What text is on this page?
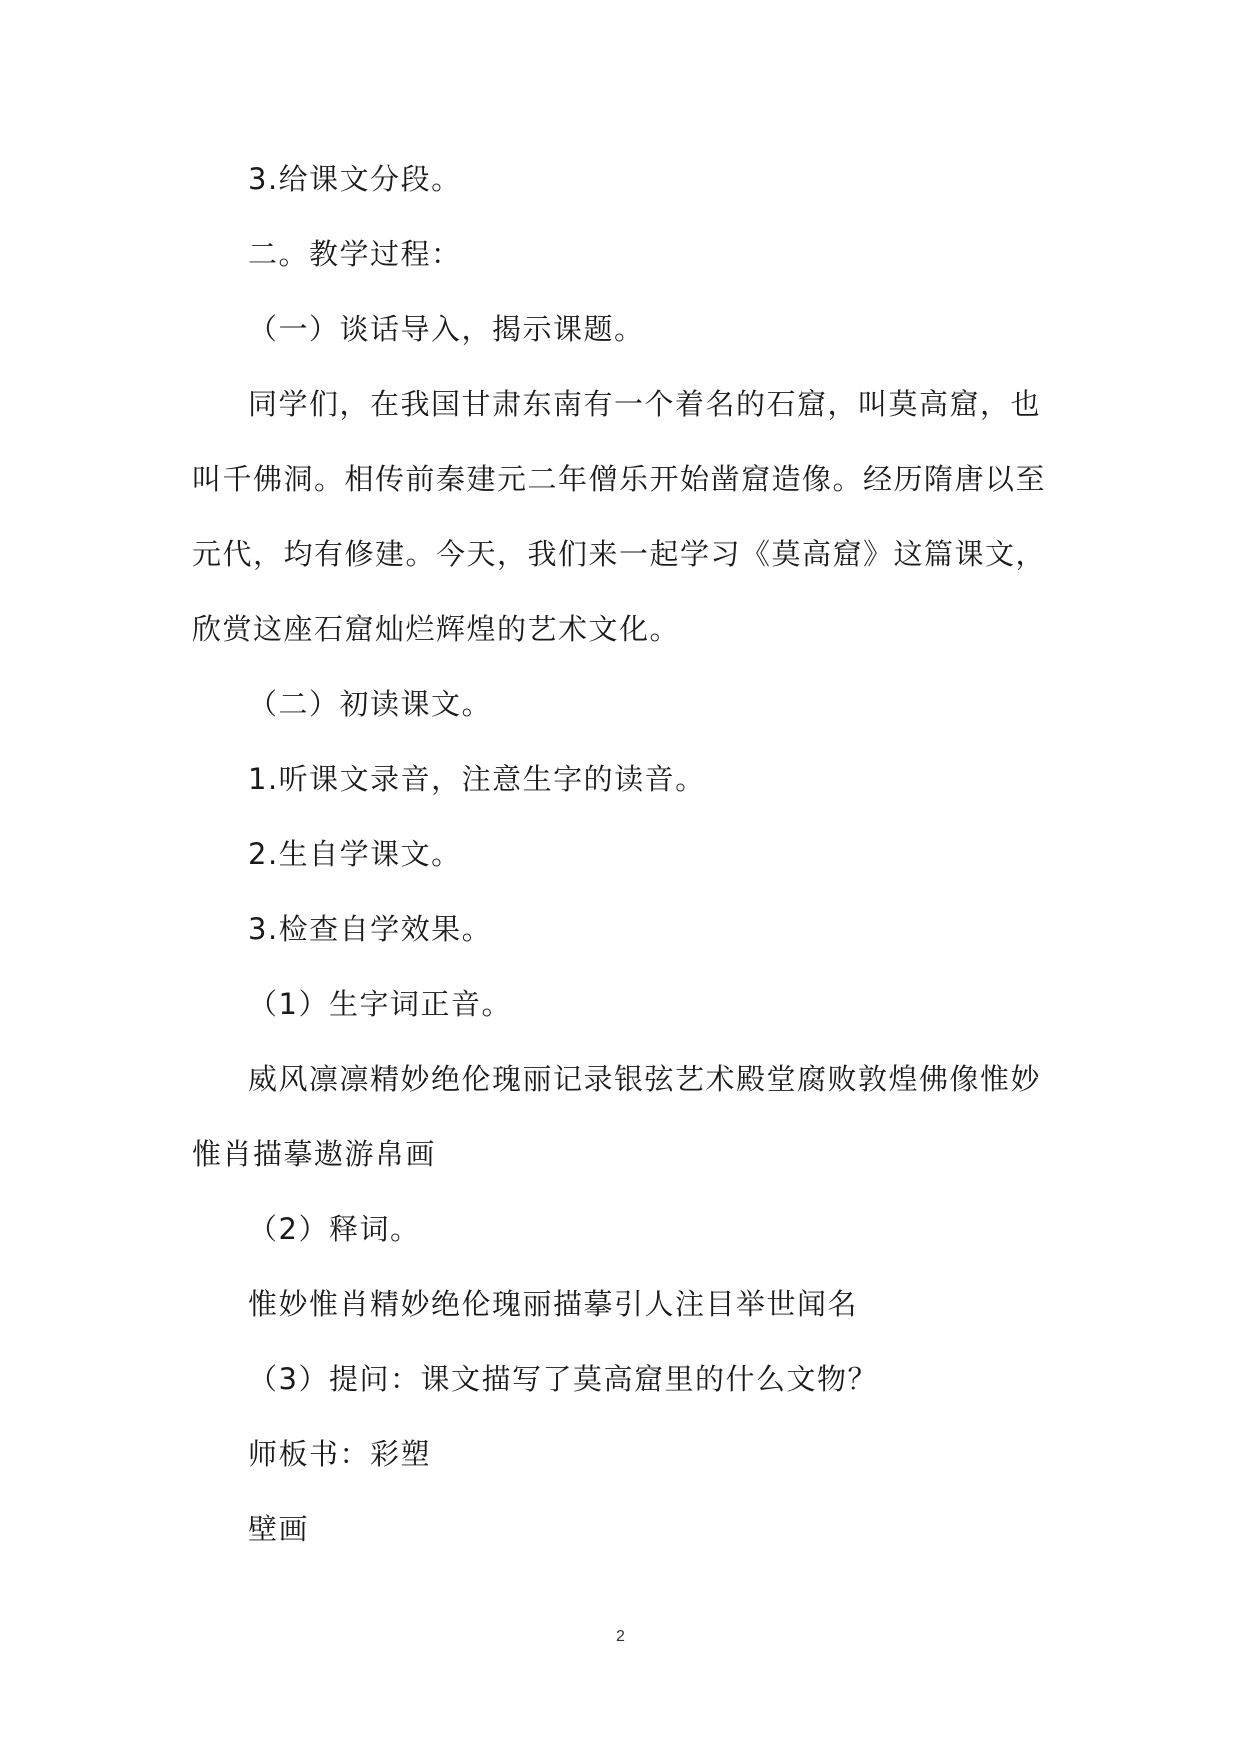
3.给课文分段。

二。教学过程：

（一）谈话导入，揭示课题。

同学们，在我国甘肃东南有一个着名的石窟，叫莫高窟，也叫千佛洞。相传前秦建元二年僧乐开始凿窟造像。经历隋唐以至元代，均有修建。今天，我们来一起学习《莫高窟》这篇课文，欣赏这座石窟灿烂辉煌的艺术文化。

（二）初读课文。

1.听课文录音，注意生字的读音。

2.生自学课文。

3.检查自学效果。

（1）生字词正音。

威风凛凛精妙绝伦瑰丽记录银弦艺术殿堂腐败敦煌佛像惟妙惟肖描摹遨游帛画

（2）释词。

惟妙惟肖精妙绝伦瑰丽描摹引人注目举世闻名

（3）提问：课文描写了莫高窟里的什么文物？

师板书：彩塑

壁画

2
